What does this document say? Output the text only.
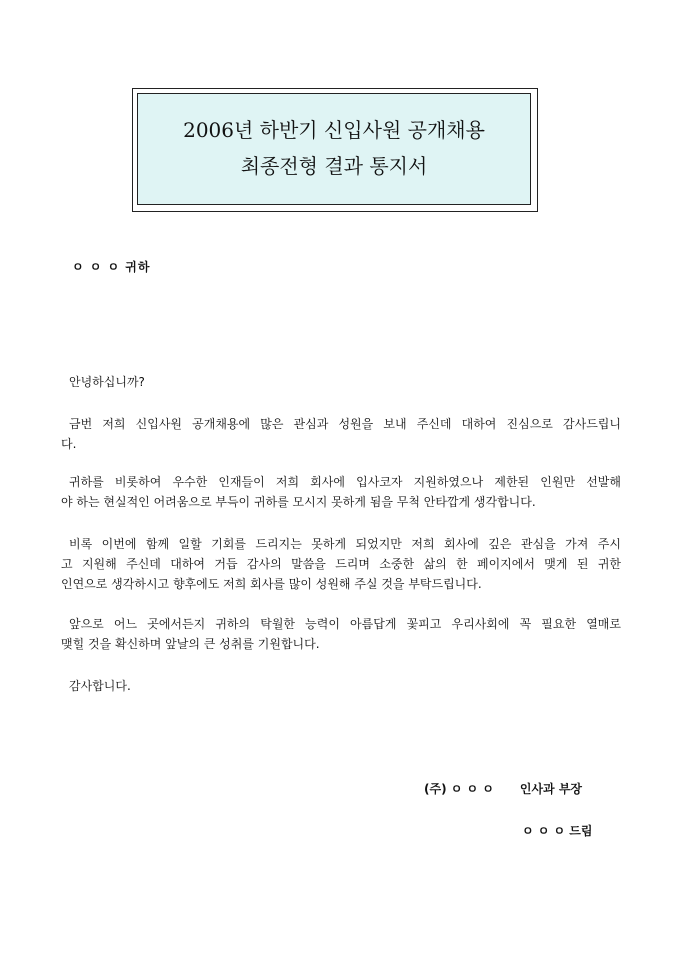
2006년 하반기 신입사원 공개채용
최종전형 결과 통지서
ㅇ ㅇ ㅇ 귀하
안녕하십니까?
금번 저희 신입사원 공개채용에 많은 관심과 성원을 보내 주신데 대하여 진심으로 감사드립니
다.
귀하를 비롯하여 우수한 인재들이 저희 회사에 입사코자 지원하였으나 제한된 인원만 선발해
야 하는 현실적인 어려움으로 부득이 귀하를 모시지 못하게 됨을 무척 안타깝게 생각합니다.
비록 이번에 함께 일할 기회를 드리지는 못하게 되었지만 저희 회사에 깊은 관심을 가져 주시
고 지원해 주신데 대하여 거듭 감사의 말씀을 드리며 소중한 삶의 한 페이지에서 맺게 된 귀한
인연으로 생각하시고 향후에도 저희 회사를 많이 성원해 주실 것을 부탁드립니다.
앞으로 어느 곳에서든지 귀하의 탁월한 능력이 아름답게 꽃피고 우리사회에 꼭 필요한 열매로
맺힐 것을 확신하며 앞날의 큰 성취를 기원합니다.
감사합니다.
(주) ㅇ ㅇ ㅇ 인사과 부장
ㅇ ㅇ ㅇ 드림
